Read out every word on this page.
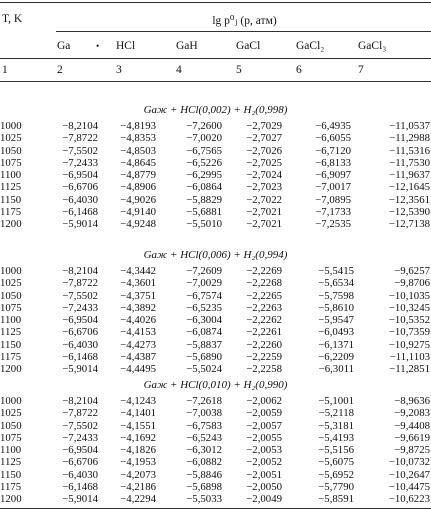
T, K	lg p⁰ⱼ (p, атм)
Ga	• HCl	GaH	GaCl	GaCl₂	GaCl₃
1	2	3	4	5	6	7
Gaж + HCl(0,002) + H₂(0,998)
1000	−8,2104	−4,8193	−7,2600	−2,7029	−6,4935	−11,0537
1025	−7,8722	−4,8353	−7,0020	−2,7027	−6,6055	−11,2988
1050	−7,5502	−4,8503	−6,7565	−2,7026	−6,7120	−11,5316
1075	−7,2433	−4,8645	−6,5226	−2,7025	−6,8133	−11,7530
1100	−6,9504	−4,8779	−6,2995	−2,7024	−6,9097	−11,9637
1125	−6,6706	−4,8906	−6,0864	−2,7023	−7,0017	−12,1645
1150	−6,4030	−4,9026	−5,8829	−2,7022	−7,0895	−12,3561
1175	−6,1468	−4,9140	−5,6881	−2,7021	−7,1733	−12,5390
1200	−5,9014	−4,9248	−5,5010	−2,7021	−7,2535	−12,7138
Gaж + HCl(0,006) + H₂(0,994)
1000	−8,2104	−4,3442	−7,2609	−2,2269	−5,5415	−9,6257
1025	−7,8722	−4,3601	−7,0029	−2,2268	−5,6534	−9,8706
1050	−7,5502	−4,3751	−6,7574	−2,2265	−5,7598	−10,1035
1075	−7,2433	−4,3892	−6,5235	−2,2263	−5,8610	−10,3245
1100	−6,9504	−4,4026	−6,3004	−2,2262	−5,9547	−10,5352
1125	−6,6706	−4,4153	−6,0874	−2,2261	−6,0493	−10,7359
1150	−6,4030	−4,4273	−5,8837	−2,2260	−6,1371	−10,9275
1175	−6,1468	−4,4387	−5,6890	−2,2259	−6,2209	−11,1103
1200	−5,9014	−4,4495	−5,5024	−2,2258	−6,3011	−11,2851
Gaж + HCl(0,010) + H₂(0,990)
1000	−8,2104	−4,1243	−7,2618	−2,0062	−5,1001	−8,9636
1025	−7,8722	−4,1401	−7,0038	−2,0059	−5,2118	−9,2083
1050	−7,5502	−4,1551	−6,7583	−2,0057	−5,3181	−9,4408
1075	−7,2433	−4,1692	−6,5243	−2,0055	−5,4193	−9,6619
1100	−6,9504	−4,1826	−6,3012	−2,0053	−5,5156	−9,8725
1125	−6,6706	−4,1953	−6,0882	−2,0052	−5,6075	−10,0732
1150	−6,4030	−4,2073	−5,8846	−2,0051	−5,6952	−10,2647
1175	−6,1468	−4,2186	−5,6898	−2,0050	−5,7790	−10,4475
1200	−5,9014	−4,2294	−5,5033	−2,0049	−5,8591	−10,6223
